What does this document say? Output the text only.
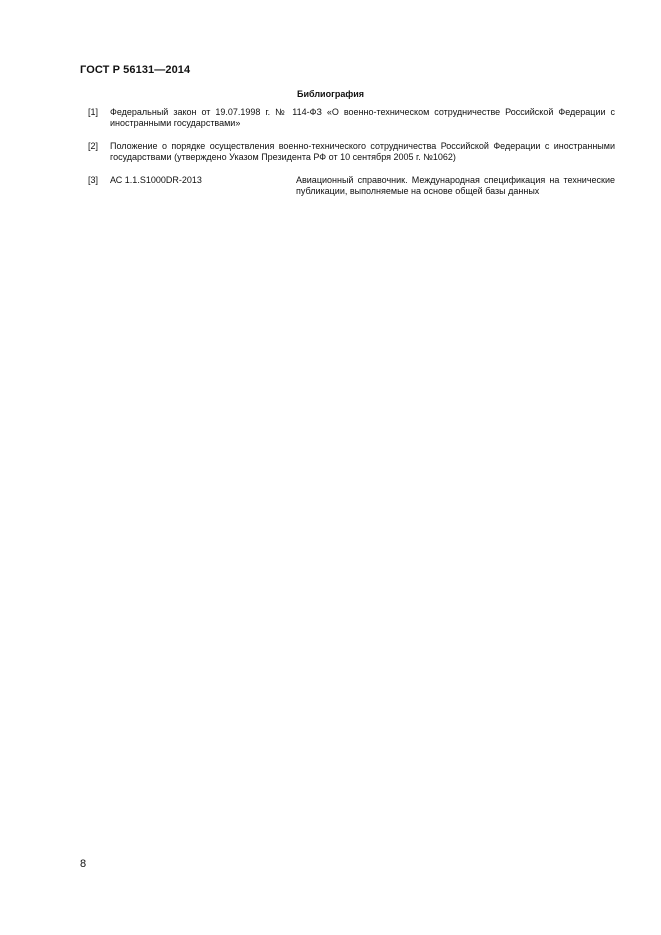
ГОСТ Р 56131—2014
Библиография
[1]	Федеральный закон от 19.07.1998 г. № 114-ФЗ «О военно-техническом сотрудничестве Российской Федерации с иностранными государствами»
[2]	Положение о порядке осуществления военно-технического сотрудничества Российской Федерации с иностранными государствами (утверждено Указом Президента РФ от 10 сентября 2005 г. №1062)
[3]	АС 1.1.S1000DR-2013	Авиационный справочник. Международная спецификация на технические публикации, выполняемые на основе общей базы данных
8
